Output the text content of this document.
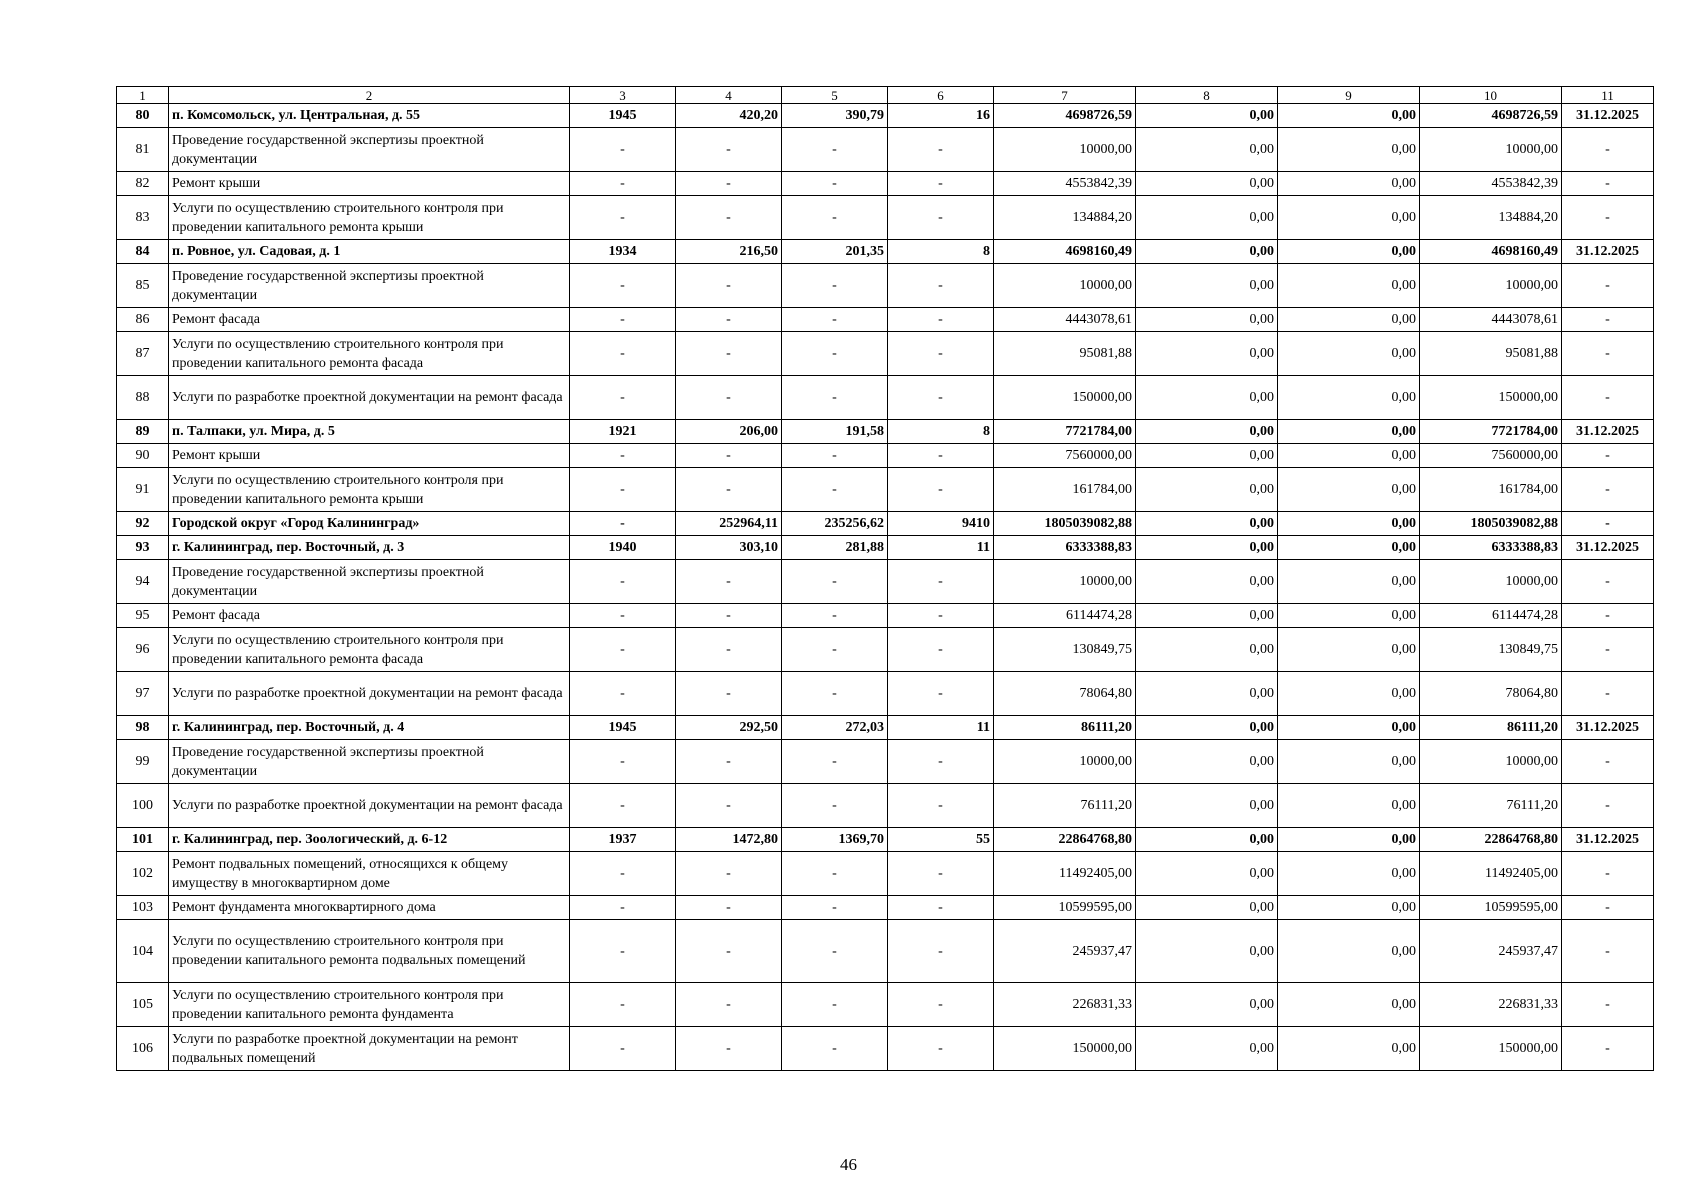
1	2	3	4	5	6	7	8	9	10	11
80	п. Комсомольск, ул. Центральная, д. 55	1945	420,20	390,79	16	4698726,59	0,00	0,00	4698726,59	31.12.2025
81	Проведение государственной экспертизы проектной документации	-	-	-	-	10000,00	0,00	0,00	10000,00	-
82	Ремонт крыши	-	-	-	-	4553842,39	0,00	0,00	4553842,39	-
83	Услуги по осуществлению строительного контроля при проведении капитального ремонта крыши	-	-	-	-	134884,20	0,00	0,00	134884,20	-
84	п. Ровное, ул. Садовая, д. 1	1934	216,50	201,35	8	4698160,49	0,00	0,00	4698160,49	31.12.2025
85	Проведение государственной экспертизы проектной документации	-	-	-	-	10000,00	0,00	0,00	10000,00	-
86	Ремонт фасада	-	-	-	-	4443078,61	0,00	0,00	4443078,61	-
87	Услуги по осуществлению строительного контроля при проведении капитального ремонта фасада	-	-	-	-	95081,88	0,00	0,00	95081,88	-
88	Услуги по разработке проектной документации на ремонт фасада	-	-	-	-	150000,00	0,00	0,00	150000,00	-
89	п. Талпаки, ул. Мира, д. 5	1921	206,00	191,58	8	7721784,00	0,00	0,00	7721784,00	31.12.2025
90	Ремонт крыши	-	-	-	-	7560000,00	0,00	0,00	7560000,00	-
91	Услуги по осуществлению строительного контроля при проведении капитального ремонта крыши	-	-	-	-	161784,00	0,00	0,00	161784,00	-
92	Городской округ «Город Калининград»	-	252964,11	235256,62	9410	1805039082,88	0,00	0,00	1805039082,88	-
93	г. Калининград, пер. Восточный, д. 3	1940	303,10	281,88	11	6333388,83	0,00	0,00	6333388,83	31.12.2025
94	Проведение государственной экспертизы проектной документации	-	-	-	-	10000,00	0,00	0,00	10000,00	-
95	Ремонт фасада	-	-	-	-	6114474,28	0,00	0,00	6114474,28	-
96	Услуги по осуществлению строительного контроля при проведении капитального ремонта фасада	-	-	-	-	130849,75	0,00	0,00	130849,75	-
97	Услуги по разработке проектной документации на ремонт фасада	-	-	-	-	78064,80	0,00	0,00	78064,80	-
98	г. Калининград, пер. Восточный, д. 4	1945	292,50	272,03	11	86111,20	0,00	0,00	86111,20	31.12.2025
99	Проведение государственной экспертизы проектной документации	-	-	-	-	10000,00	0,00	0,00	10000,00	-
100	Услуги по разработке проектной документации на ремонт фасада	-	-	-	-	76111,20	0,00	0,00	76111,20	-
101	г. Калининград, пер. Зоологический, д. 6-12	1937	1472,80	1369,70	55	22864768,80	0,00	0,00	22864768,80	31.12.2025
102	Ремонт подвальных помещений, относящихся к общему имуществу в многоквартирном доме	-	-	-	-	11492405,00	0,00	0,00	11492405,00	-
103	Ремонт фундамента многоквартирного дома	-	-	-	-	10599595,00	0,00	0,00	10599595,00	-
104	Услуги по осуществлению строительного контроля при проведении капитального ремонта подвальных помещений	-	-	-	-	245937,47	0,00	0,00	245937,47	-
105	Услуги по осуществлению строительного контроля при проведении капитального ремонта фундамента	-	-	-	-	226831,33	0,00	0,00	226831,33	-
106	Услуги по разработке проектной документации на ремонт подвальных помещений	-	-	-	-	150000,00	0,00	0,00	150000,00	-
46
